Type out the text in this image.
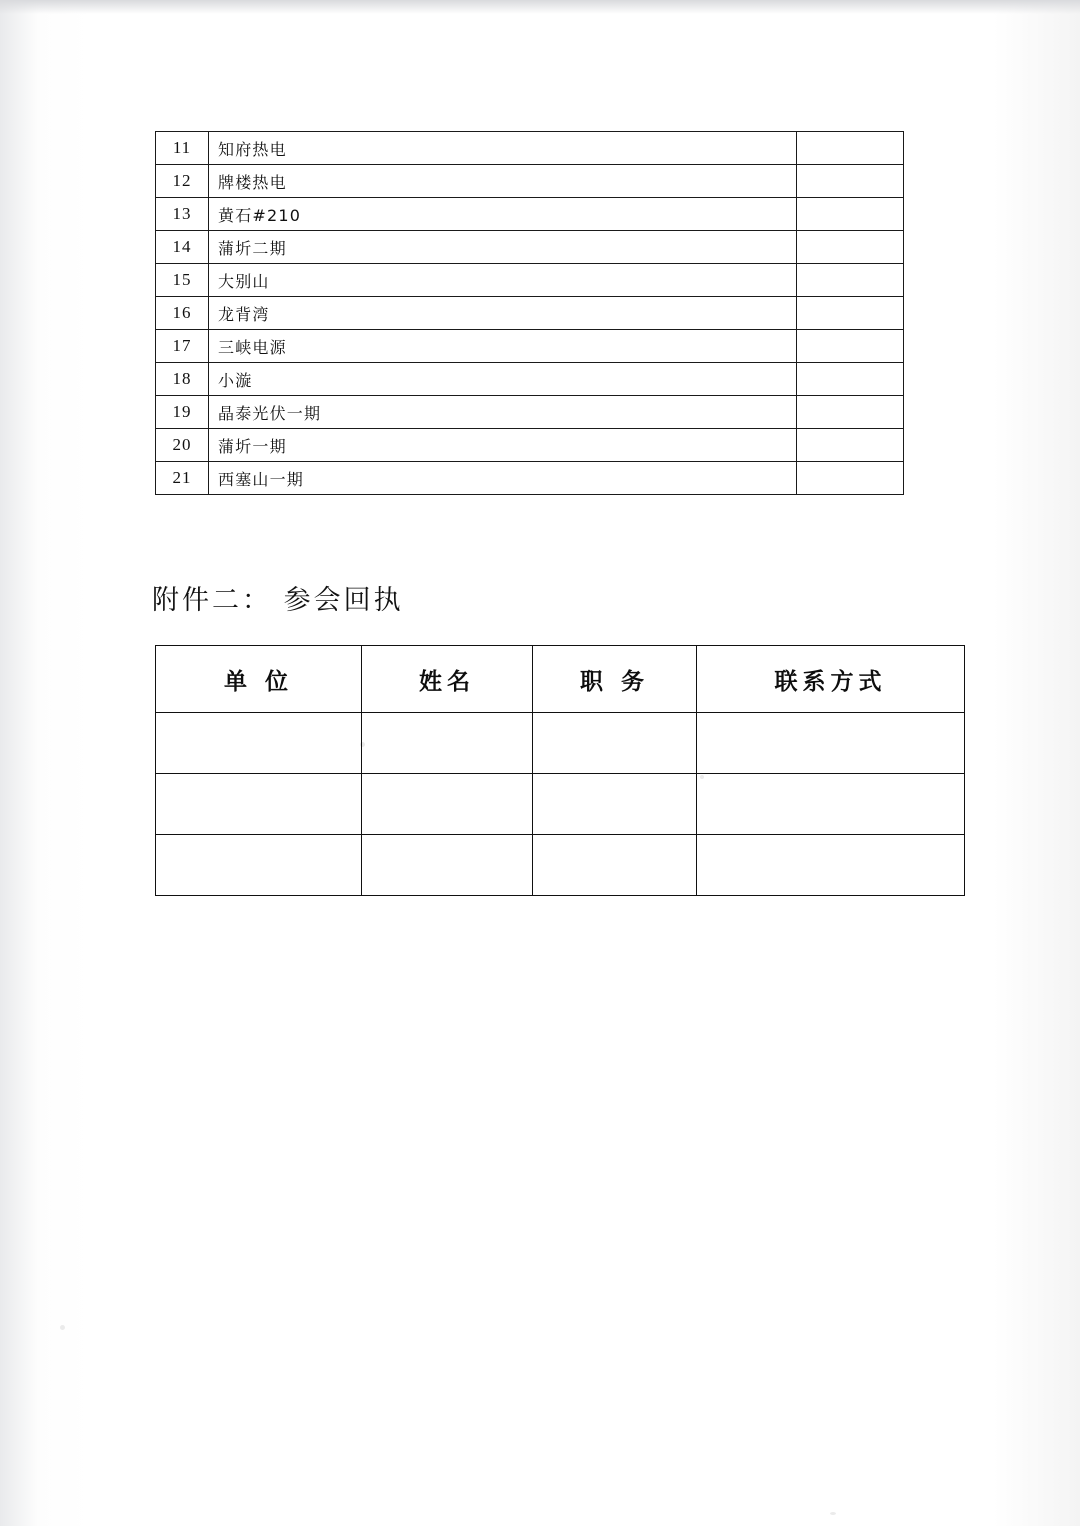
11	知府热电	
12	牌楼热电	
13	黄石#210	
14	蒲圻二期	
15	大别山	
16	龙背湾	
17	三峡电源	
18	小漩	
19	晶泰光伏一期	
20	蒲圻一期	
21	西塞山一期	
附件二： 参会回执
单 位	姓名	职 务	联系方式
